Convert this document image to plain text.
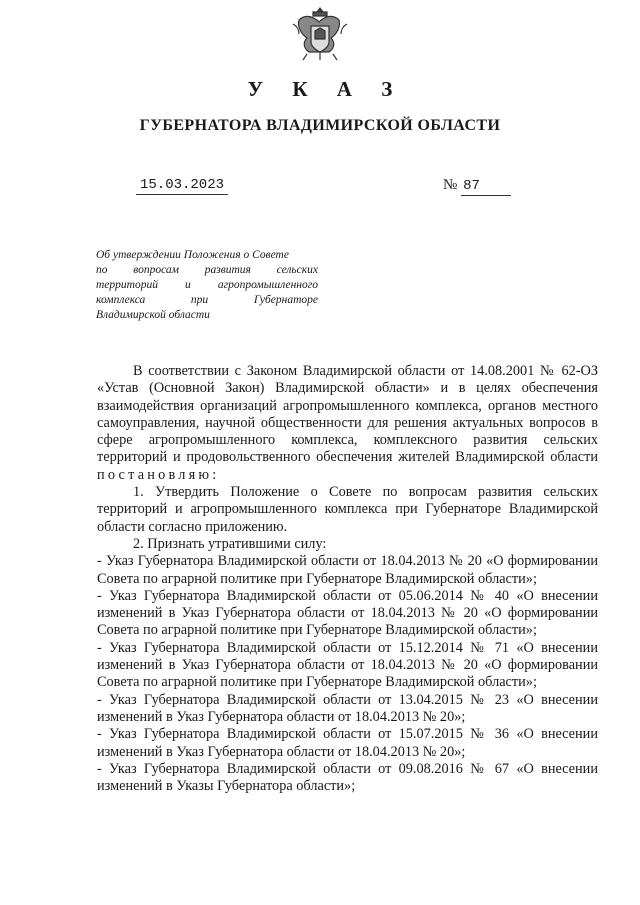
У К А З
ГУБЕРНАТОРА ВЛАДИМИРСКОЙ ОБЛАСТИ
15.03.2023	№ 87
Об утверждении Положения о Совете
по вопросам развития сельских
территорий и агропромышленного
комплекса при Губернаторе
Владимирской области

В соответствии с Законом Владимирской области от 14.08.2001 № 62-ОЗ «Устав (Основной Закон) Владимирской области» и в целях обеспечения взаимодействия организаций агропромышленного комплекса, органов местного самоуправления, научной общественности для решения актуальных вопросов в сфере агропромышленного комплекса, комплексного развития сельских территорий и продовольственного обеспечения жителей Владимирской области постановляю:

1. Утвердить Положение о Совете по вопросам развития сельских территорий и агропромышленного комплекса при Губернаторе Владимирской области согласно приложению.

2. Признать утратившими силу:

- Указ Губернатора Владимирской области от 18.04.2013 № 20 «О формировании Совета по аграрной политике при Губернаторе Владимирской области»;

- Указ Губернатора Владимирской области от 05.06.2014 № 40 «О внесении изменений в Указ Губернатора области от 18.04.2013 № 20 «О формировании Совета по аграрной политике при Губернаторе Владимирской области»;

- Указ Губернатора Владимирской области от 15.12.2014 № 71 «О внесении изменений в Указ Губернатора области от 18.04.2013 № 20 «О формировании Совета по аграрной политике при Губернаторе Владимирской области»;

- Указ Губернатора Владимирской области от 13.04.2015 № 23 «О внесении изменений в Указ Губернатора области от 18.04.2013 № 20»;

- Указ Губернатора Владимирской области от 15.07.2015 № 36 «О внесении изменений в Указ Губернатора области от 18.04.2013 № 20»;

- Указ Губернатора Владимирской области от 09.08.2016 № 67 «О внесении изменений в Указы Губернатора области»;
